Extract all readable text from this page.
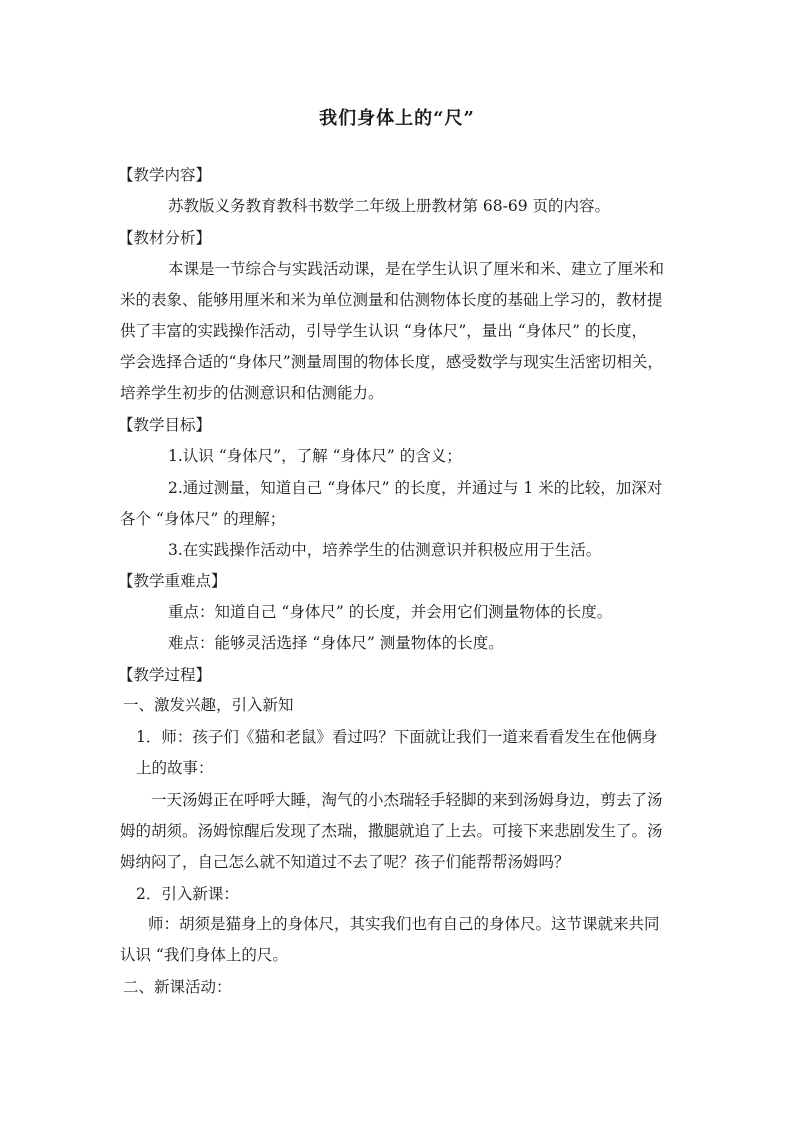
我们身体上的“尺”
【教学内容】
苏教版义务教育教科书数学二年级上册教材第 68-69 页的内容。
【教材分析】
本课是一节综合与实践活动课，是在学生认识了厘米和米、建立了厘米和
米的表象、能够用厘米和米为单位测量和估测物体长度的基础上学习的，教材提
供了丰富的实践操作活动，引导学生认识 “身体尺”，量出 “身体尺” 的长度，
学会选择合适的“身体尺”测量周围的物体长度，感受数学与现实生活密切相关，
培养学生初步的估测意识和估测能力。
【教学目标】
1.认识 “身体尺”，了解 “身体尺” 的含义；
2.通过测量，知道自己 “身体尺” 的长度，并通过与 1 米的比较，加深对
各个 “身体尺” 的理解；
3.在实践操作活动中，培养学生的估测意识并积极应用于生活。
【教学重难点】
重点：知道自己 “身体尺” 的长度，并会用它们测量物体的长度。
难点：能够灵活选择 “身体尺” 测量物体的长度。
【教学过程】
一、激发兴趣，引入新知
1．师：孩子们《猫和老鼠》看过吗？下面就让我们一道来看看发生在他俩身
上的故事：
一天汤姆正在呼呼大睡，淘气的小杰瑞轻手轻脚的来到汤姆身边，剪去了汤
姆的胡须。汤姆惊醒后发现了杰瑞，撒腿就追了上去。可接下来悲剧发生了。汤
姆纳闷了，自己怎么就不知道过不去了呢？孩子们能帮帮汤姆吗？
2．引入新课：
师：胡须是猫身上的身体尺，其实我们也有自己的身体尺。这节课就来共同
认识 “我们身体上的尺。
二、新课活动：
